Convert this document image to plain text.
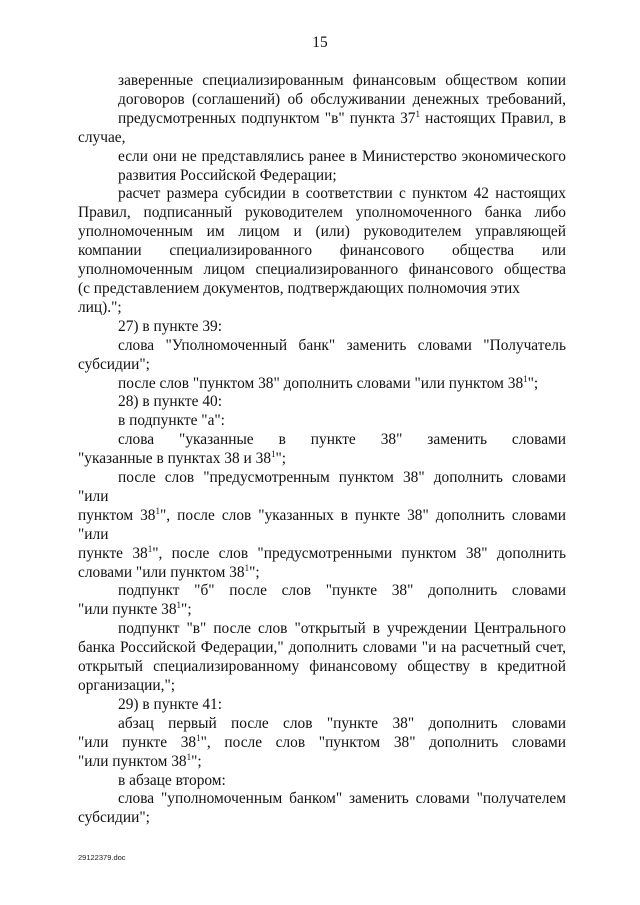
15
заверенные специализированным финансовым обществом копии
договоров (соглашений) об обслуживании денежных требований,
предусмотренных подпунктом "в" пункта $37^1$ настоящих Правил, в случае,
если они не представлялись ранее в Министерство экономического
развития Российской Федерации;
расчет размера субсидии в соответствии с пунктом 42 настоящих
Правил, подписанный руководителем уполномоченного банка либо
уполномоченным им лицом и (или) руководителем управляющей
компании специализированного финансового общества или
уполномоченным лицом специализированного финансового общества
(с представлением документов, подтверждающих полномочия этих лиц).";
27) в пункте 39:
слова "Уполномоченный банк" заменить словами "Получатель
субсидии";
после слов "пунктом 38" дополнить словами "или пунктом $38^1$";
28) в пункте 40:
в подпункте "а":
слова "указанные в пункте 38" заменить словами
"указанные в пунктах 38 и $38^1$";
после слов "предусмотренным пунктом 38" дополнить словами "или
пунктом $38^1$", после слов "указанных в пункте 38" дополнить словами "или
пункте $38^1$", после слов "предусмотренными пунктом 38" дополнить
словами "или пунктом $38^1$";
подпункт "б" после слов "пункте 38" дополнить словами
"или пункте $38^1$";
подпункт "в" после слов "открытый в учреждении Центрального
банка Российской Федерации," дополнить словами "и на расчетный счет,
открытый специализированному финансовому обществу в кредитной
организации,";
29) в пункте 41:
абзац первый после слов "пункте 38" дополнить словами
"или пункте $38^1$", после слов "пунктом 38" дополнить словами
"или пунктом $38^1$";
в абзаце втором:
слова "уполномоченным банком" заменить словами "получателем
субсидии";
29122379.doc
